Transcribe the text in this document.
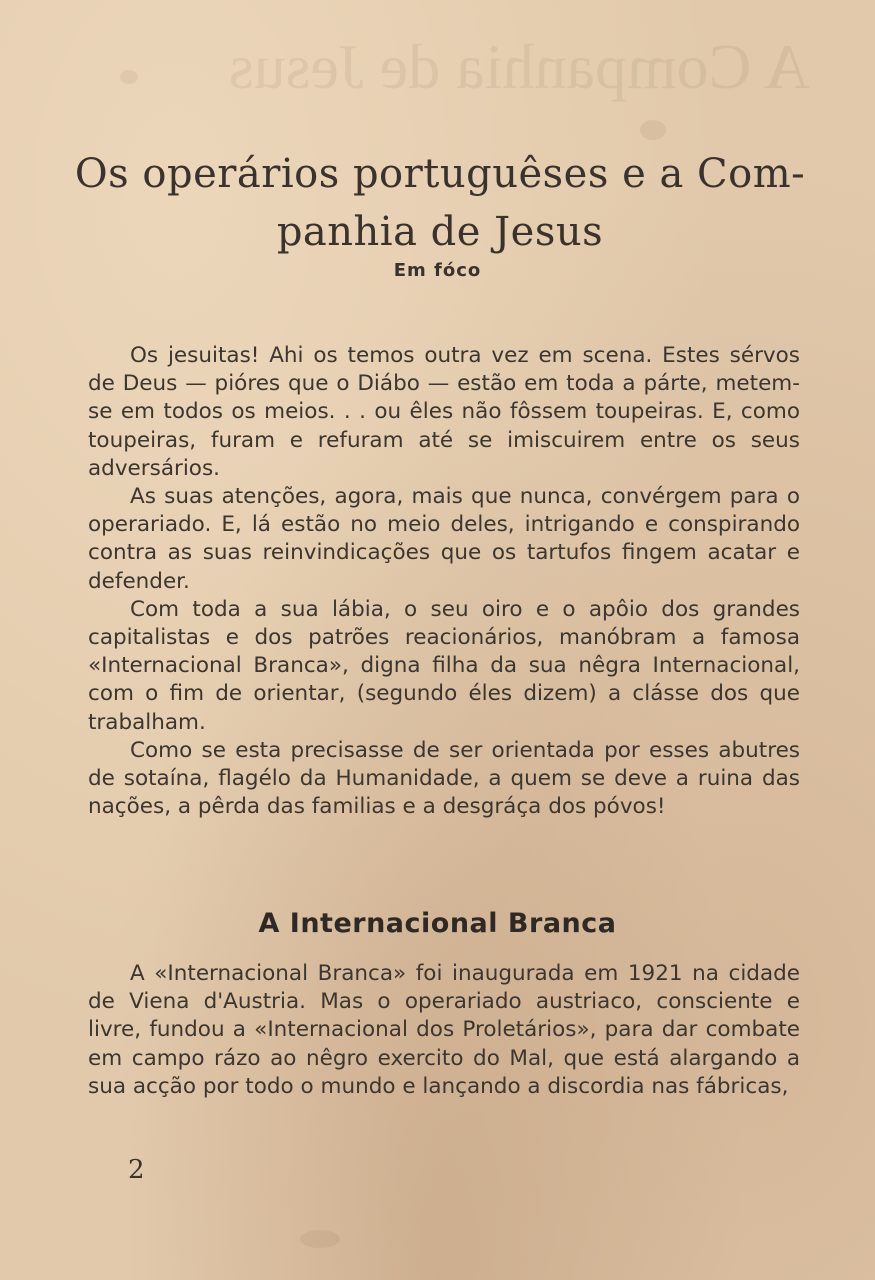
A Companhia de Jesus
Os operários portuguêses e a Com-
panhia de Jesus
Em fóco

Os jesuitas! Ahi os temos outra vez em scena. Estes sérvos de Deus — pióres que o Diábo — estão em toda a párte, metem-se em todos os meios. . . ou êles não fôssem toupeiras. E, como toupeiras, furam e refuram até se imiscuirem entre os seus adversários.

As suas atenções, agora, mais que nunca, convérgem para o operariado. E, lá estão no meio deles, intrigando e conspirando contra as suas reinvindicações que os tartufos fingem acatar e defender.

Com toda a sua lábia, o seu oiro e o apôio dos grandes capitalistas e dos patrões reacionários, manóbram a famosa «Internacional Branca», digna filha da sua nêgra Internacional, com o fim de orientar, (segundo éles dizem) a clásse dos que trabalham.

Como se esta precisasse de ser orientada por esses abutres de sotaína, flagélo da Humanidade, a quem se deve a ruina das nações, a pêrda das familias e a desgráça dos póvos!

A Internacional Branca

A «Internacional Branca» foi inaugurada em 1921 na cidade de Viena d'Austria. Mas o operariado austriaco, consciente e livre, fundou a «Internacional dos Proletários», para dar combate em campo rázo ao nêgro exercito do Mal, que está alargando a sua acção por todo o mundo e lançando a discordia nas fábricas,

2
